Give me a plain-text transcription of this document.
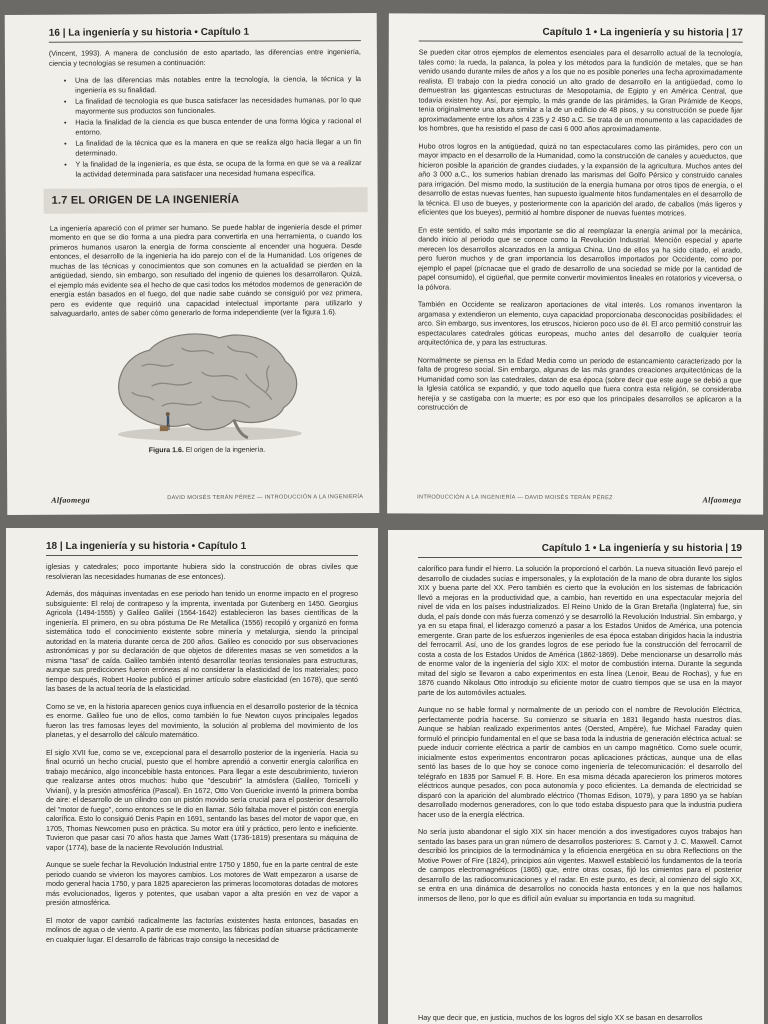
16 | La ingeniería y su historia • Capítulo 1

(Vincent, 1993). A manera de conclusión de esto apartado, las diferencias entre ingeniería, ciencia y tecnologías se resumen a continuación:

• Una de las diferencias más notables entre la tecnología, la ciencia, la técnica y la ingeniería es su finalidad.
• La finalidad de tecnología es que busca satisfacer las necesidades humanas, por lo que mayormente sus productos son funcionales.
• Hacia la finalidad de la ciencia es que busca entender de una forma lógica y racional el entorno.
• La finalidad de la técnica que es la manera en que se realiza algo hacia llegar a un fin determinado.
• Y la finalidad de la ingeniería, es que ésta, se ocupa de la forma en que se va a realizar la actividad determinada para satisfacer una necesidad humana específica.
1.7 EL ORIGEN DE LA INGENIERÍA

La ingeniería apareció con el primer ser humano. Se puede hablar de ingeniería desde el primer momento en que se dio forma a una piedra para convertirla en una herramienta, o cuando los primeros humanos usaron la energía de forma consciente al encender una hoguera. Desde entonces, el desarrollo de la ingeniería ha ido parejo con el de la Humanidad. Los orígenes de muchas de las técnicas y conocimientos que son comunes en la actualidad se pierden en la antigüedad, siendo, sin embargo, son resultado del ingenio de quienes los desarrollaron. Quizá, el ejemplo más evidente sea el hecho de que casi todos los métodos modernos de generación de energía están basados en el fuego, del que nadie sabe cuándo se consiguió por vez primera, pero es evidente que requirió una capacidad intelectual importante para utilizarlo y salvaguardarlo, antes de saber cómo generarlo de forma independiente (ver la figura 1.6).

Figura 1.6. El origen de la ingeniería.
Alfaomega	DAVID MOISÉS TERÁN PÉREZ — INTRODUCCIÓN A LA INGENIERÍA
Capítulo 1 • La ingeniería y su historia | 17

Se pueden citar otros ejemplos de elementos esenciales para el desarrollo actual de la tecnología, tales como: la rueda, la palanca, la polea y los métodos para la fundición de metales, que se han venido usando durante miles de años y a los que no es posible ponerles una fecha aproximadamente realista. El trabajo con la piedra conoció un alto grado de desarrollo en la antigüedad, como lo demuestran las gigantescas estructuras de Mesopotamia, de Egipto y en América Central, que todavía existen hoy. Así, por ejemplo, la más grande de las pirámides, la Gran Pirámide de Keops, tenía originalmente una altura similar a la de un edificio de 48 pisos, y su construcción se puede fijar aproximadamente entre los años 4 235 y 2 450 a.C. Se trata de un monumento a las capacidades de los hombres, que ha resistido el paso de casi 6 000 años aproximadamente.

Hubo otros logros en la antigüedad, quizá no tan espectaculares como las pirámides, pero con un mayor impacto en el desarrollo de la Humanidad, como la construcción de canales y acueductos, que hicieron posible la aparición de grandes ciudades, y la expansión de la agricultura. Muchos antes del año 3 000 a.C., los sumerios habían drenado las marismas del Golfo Pérsico y construido canales para irrigación. Del mismo modo, la sustitución de la energía humana por otros tipos de energía, o el desarrollo de estas nuevas fuentes, han supuesto igualmente hitos fundamentales en el desarrollo de la técnica. El uso de bueyes, y posteriormente con la aparición del arado, de caballos (más ligeros y eficientes que los bueyes), permitió al hombre disponer de nuevas fuentes motrices.

En este sentido, el salto más importante se dio al reemplazar la energía animal por la mecánica, dando inicio al periodo que se conoce como la Revolución Industrial. Mención especial y aparte merecen los desarrollos alcanzados en la antigua China. Uno de ellos ya ha sido citado, el arado, pero fueron muchos y de gran importancia los desarrollos importados por Occidente, como por ejemplo el papel (pícnacae que el grado de desarrollo de una sociedad se mide por la cantidad de papel consumido), el cigüeñal, que permite convertir movimientos lineales en rotatorios y viceversa, o la pólvora.

También en Occidente se realizaron aportaciones de vital interés. Los romanos inventaron la argamasa y extendieron un elemento, cuya capacidad proporcionaba desconocidas posibilidades: el arco. Sin embargo, sus inventores, los etruscos, hicieron poco uso de él. El arco permitió construir las espectaculares catedrales góticas europeas, mucho antes del desarrollo de cualquier teoría arquitectónica de, y para las estructuras.

Normalmente se piensa en la Edad Media como un periodo de estancamiento caracterizado por la falta de progreso social. Sin embargo, algunas de las más grandes creaciones arquitectónicas de la Humanidad como son las catedrales, datan de esa época (sobre decir que este auge se debió a que la Iglesia católica se expandió, y que todo aquello que fuera contra esta religión, se consideraba herejía y se castigaba con la muerte; es por eso que los principales desarrollos se aplicaron a la construcción de

INTRODUCCIÓN A LA INGENIERÍA — DAVID MOISÉS TERÁN PÉREZ	Alfaomega
18 | La ingeniería y su historia • Capítulo 1

iglesias y catedrales; poco importante hubiera sido la construcción de obras civiles que resolvieran las necesidades humanas de ese entonces).

Además, dos máquinas inventadas en ese periodo han tenido un enorme impacto en el progreso subsiguiente: El reloj de contrapeso y la imprenta, inventada por Gutenberg en 1450. Georgius Agricola (1494-1555) y Galileo Galilei (1564-1642) establecieron las bases científicas de la ingeniería. El primero, en su obra póstuma De Re Metallica (1556) recopiló y organizó en forma sistemática todo el conocimiento existente sobre minería y metalurgia, siendo la principal autoridad en la materia durante cerca de 200 años. Galileo es conocido por sus observaciones astronómicas y por su declaración de que objetos de diferentes masas se ven sometidos a la misma "tasa" de caída. Galileo también intentó desarrollar teorías tensionales para estructuras, aunque sus predicciones fueron erróneas al no considerar la elasticidad de los materiales; poco tiempo después, Robert Hooke publicó el primer artículo sobre elasticidad (en 1678), que sentó las bases de la actual teoría de la elasticidad.

Como se ve, en la historia aparecen genios cuya influencia en el desarrollo posterior de la técnica es enorme. Galileo fue uno de ellos, como también lo fue Newton cuyos principales legados fueron las tres famosas leyes del movimiento, la solución al problema del movimiento de los planetas, y el desarrollo del cálculo matemático.

El siglo XVII fue, como se ve, excepcional para el desarrollo posterior de la ingeniería. Hacia su final ocurrió un hecho crucial, puesto que el hombre aprendió a convertir energía calorífica en trabajo mecánico, algo inconcebible hasta entonces. Para llegar a este descubrimiento, tuvieron que realizarse antes otros muchos: hubo que "descubrir" la atmósfera (Galileo, Torricelli y Viviani), y la presión atmosférica (Pascal). En 1672, Otto Von Guericke inventó la primera bomba de aire: el desarrollo de un cilindro con un pistón movido sería crucial para el posterior desarrollo del "motor de fuego", como entonces se le dio en llamar. Sólo faltaba mover el pistón con energía calorífica. Esto lo consiguió Denis Papin en 1691, sentando las bases del motor de vapor que, en 1705, Thomas Newcomen puso en práctica. Su motor era útil y práctico, pero lento e ineficiente. Tuvieron que pasar casi 70 años hasta que James Watt (1736-1819) presentara su máquina de vapor (1774), base de la naciente Revolución Industrial.

Aunque se suele fechar la Revolución Industrial entre 1750 y 1850, fue en la parte central de este periodo cuando se vivieron los mayores cambios. Los motores de Watt empezaron a usarse de modo general hacia 1750, y para 1825 aparecieron las primeras locomotoras dotadas de motores más evolucionados, ligeros y potentes, que usaban vapor a alta presión en vez de vapor a presión atmosférica.

El motor de vapor cambió radicalmente las factorías existentes hasta entonces, basadas en molinos de agua o de viento. A partir de ese momento, las fábricas podían situarse prácticamente en cualquier lugar. El desarrollo de fábricas trajo consigo la necesidad de

Capítulo 1 • La ingeniería y su historia | 19

calorífico para fundir el hierro. La solución la proporcionó el carbón. La nueva situación llevó parejo el desarrollo de ciudades sucias e impersonales, y la explotación de la mano de obra durante los siglos XIX y buena parte del XX. Pero también es cierto que la evolución en los sistemas de fabricación llevó a mejoras en la productividad que, a cambio, han revertido en una espectacular mejoría del nivel de vida en los países industrializados. El Reino Unido de la Gran Bretaña (Inglaterra) fue, sin duda, el país donde con más fuerza comenzó y se desarrolló la Revolución Industrial. Sin embargo, y ya en su etapa final, el liderazgo comenzó a pasar a los Estados Unidos de América, una potencia emergente. Gran parte de los esfuerzos ingenieriles de esa época estaban dirigidos hacia la industria del ferrocarril. Así, uno de los grandes logros de ese periodo fue la construcción del ferrocarril de costa a costa de los Estados Unidos de América (1862-1869). Debe mencionarse un desarrollo más de enorme valor de la ingeniería del siglo XIX: el motor de combustión interna. Durante la segunda mitad del siglo se llevaron a cabo experimentos en esta línea (Lenoir, Beau de Rochas), y fue en 1876 cuando Nikolaus Otto introdujo su eficiente motor de cuatro tiempos que se usa en la mayor parte de los automóviles actuales.

Aunque no se hable formal y normalmente de un periodo con el nombre de Revolución Eléctrica, perfectamente podría hacerse. Su comienzo se situaría en 1831 llegando hasta nuestros días. Aunque se habían realizado experimentos antes (Oersted, Ampère), fue Michael Faraday quien formuló el principio fundamental en el que se basa toda la industria de generación eléctrica actual: se puede inducir corriente eléctrica a partir de cambios en un campo magnético. Como suele ocurrir, inicialmente estos experimentos encontraron pocas aplicaciones prácticas, aunque una de ellas sentó las bases de lo que hoy se conoce como ingeniería de telecomunicación: el desarrollo del telégrafo en 1835 por Samuel F. B. Hore. En esa misma década aparecieron los primeros motores eléctricos aunque pesados, con poca autonomía y poco eficientes. La demanda de electricidad se disparó con la aparición del alumbrado eléctrico (Thomas Edison, 1079), y para 1890 ya se habían desarrollado modernos generadores, con lo que todo estaba dispuesto para que la industria pudiera hacer uso de la energía eléctrica.

No sería justo abandonar el siglo XIX sin hacer mención a dos investigadores cuyos trabajos han sentado las bases para un gran número de desarrollos posteriores: S. Carnot y J. C. Maxwell. Carnot describió los principios de la termodinámica y la eficiencia energética en su obra Reflections on the Motive Power of Fire (1824), principios aún vigentes. Maxwell estableció los fundamentos de la teoría de campos electromagnéticos (1865) que, entre otras cosas, fijó los cimientos para el posterior desarrollo de las radiocomunicaciones y el radar. En este punto, es decir, al comienzo del siglo XX, se entra en una dinámica de desarrollos no conocida hasta entonces y en la que nos hallamos inmersos de lleno, por lo que es difícil aún evaluar su importancia en toda su magnitud.

Hay que decir que, en justicia, muchos de los logros del siglo XX se basan en desarrollos
